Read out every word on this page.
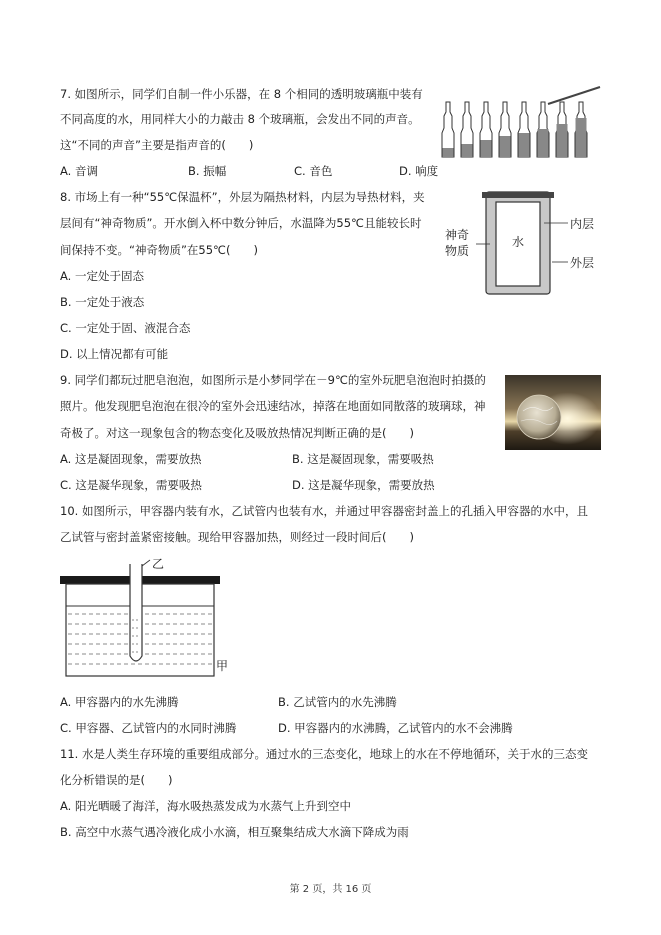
7. 如图所示，同学们自制一件小乐器，在 8 个相同的透明玻璃瓶中装有
不同高度的水，用同样大小的力敲击 8 个玻璃瓶，会发出不同的声音。
这“不同的声音”主要是指声音的(　　)
A. 音调	B. 振幅	C. 音色	D. 响度
8. 市场上有一种“55℃保温杯”，外层为隔热材料，内层为导热材料，夹
层间有“神奇物质”。开水倒入杯中数分钟后，水温降为55℃且能较长时
间保持不变。“神奇物质”在55℃(　　)
A. 一定处于固态
B. 一定处于液态
C. 一定处于固、液混合态
D. 以上情况都有可能
水
内层
外层
神奇
物质
9. 同学们都玩过肥皂泡泡，如图所示是小梦同学在－9℃的室外玩肥皂泡泡时拍摄的
照片。他发现肥皂泡泡在很冷的室外会迅速结冰，掉落在地面如同散落的玻璃球，神
奇极了。对这一现象包含的物态变化及吸放热情况判断正确的是(　　)
A. 这是凝固现象，需要放热	B. 这是凝固现象，需要吸热
C. 这是凝华现象，需要吸热	D. 这是凝华现象，需要放热
10. 如图所示，甲容器内装有水，乙试管内也装有水，并通过甲容器密封盖上的孔插入甲容器的水中，且
乙试管与密封盖紧密接触。现给甲容器加热，则经过一段时间后(　　)
乙
甲
A. 甲容器内的水先沸腾	B. 乙试管内的水先沸腾
C. 甲容器、乙试管内的水同时沸腾	D. 甲容器内的水沸腾，乙试管内的水不会沸腾
11. 水是人类生存环境的重要组成部分。通过水的三态变化，地球上的水在不停地循环，关于水的三态变
化分析错误的是(　　)
A. 阳光晒暖了海洋，海水吸热蒸发成为水蒸气上升到空中
B. 高空中水蒸气遇冷液化成小水滴，相互聚集结成大水滴下降成为雨
第 2 页，共 16 页
